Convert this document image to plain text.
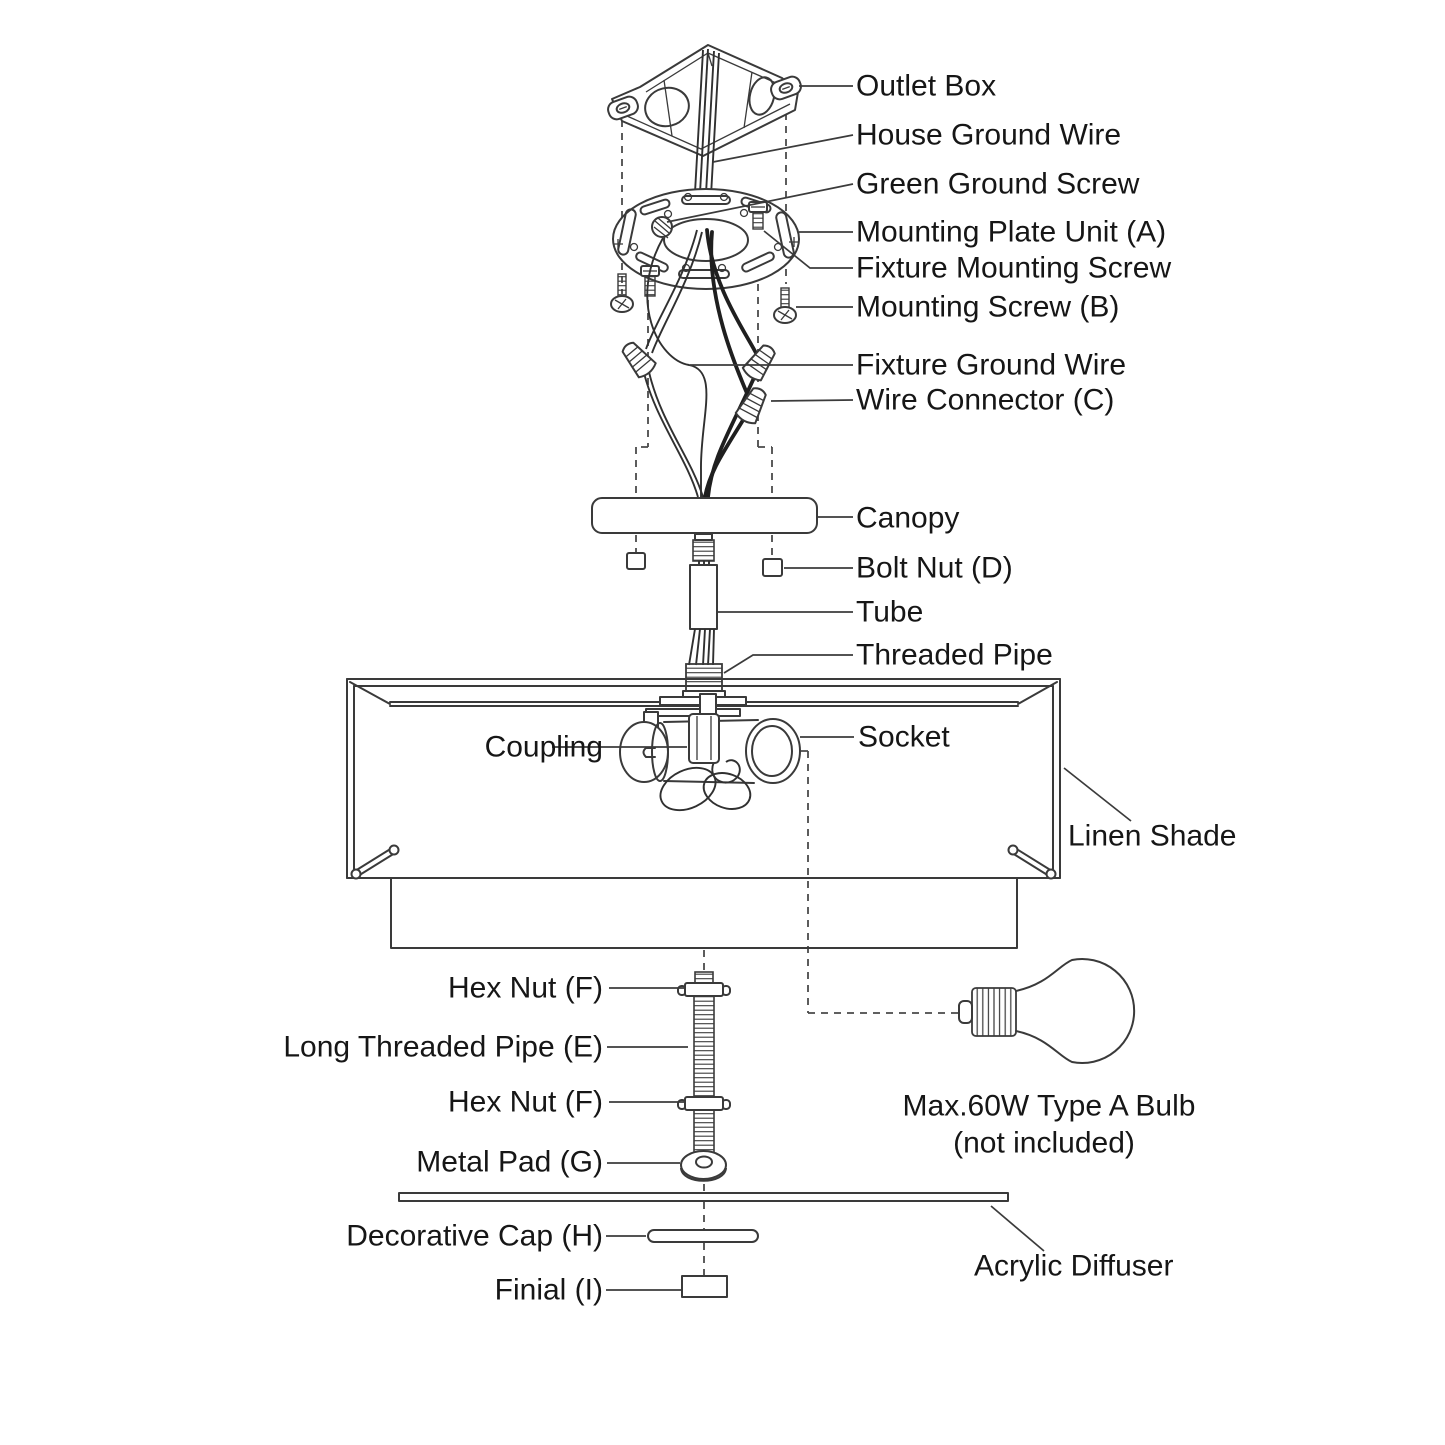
Outlet Box
House Ground Wire
Green Ground Screw
Mounting Plate Unit (A)
Fixture Mounting Screw
Mounting Screw (B)
Fixture Ground Wire
Wire Connector (C)
Canopy
Bolt Nut (D)
Tube
Threaded Pipe
Socket
Linen Shade
Coupling
Hex Nut (F)
Long Threaded Pipe (E)
Hex Nut (F)
Metal Pad (G)
Decorative Cap (H)
Finial (I)
Max.60W Type A Bulb
(not included)
Acrylic Diffuser
